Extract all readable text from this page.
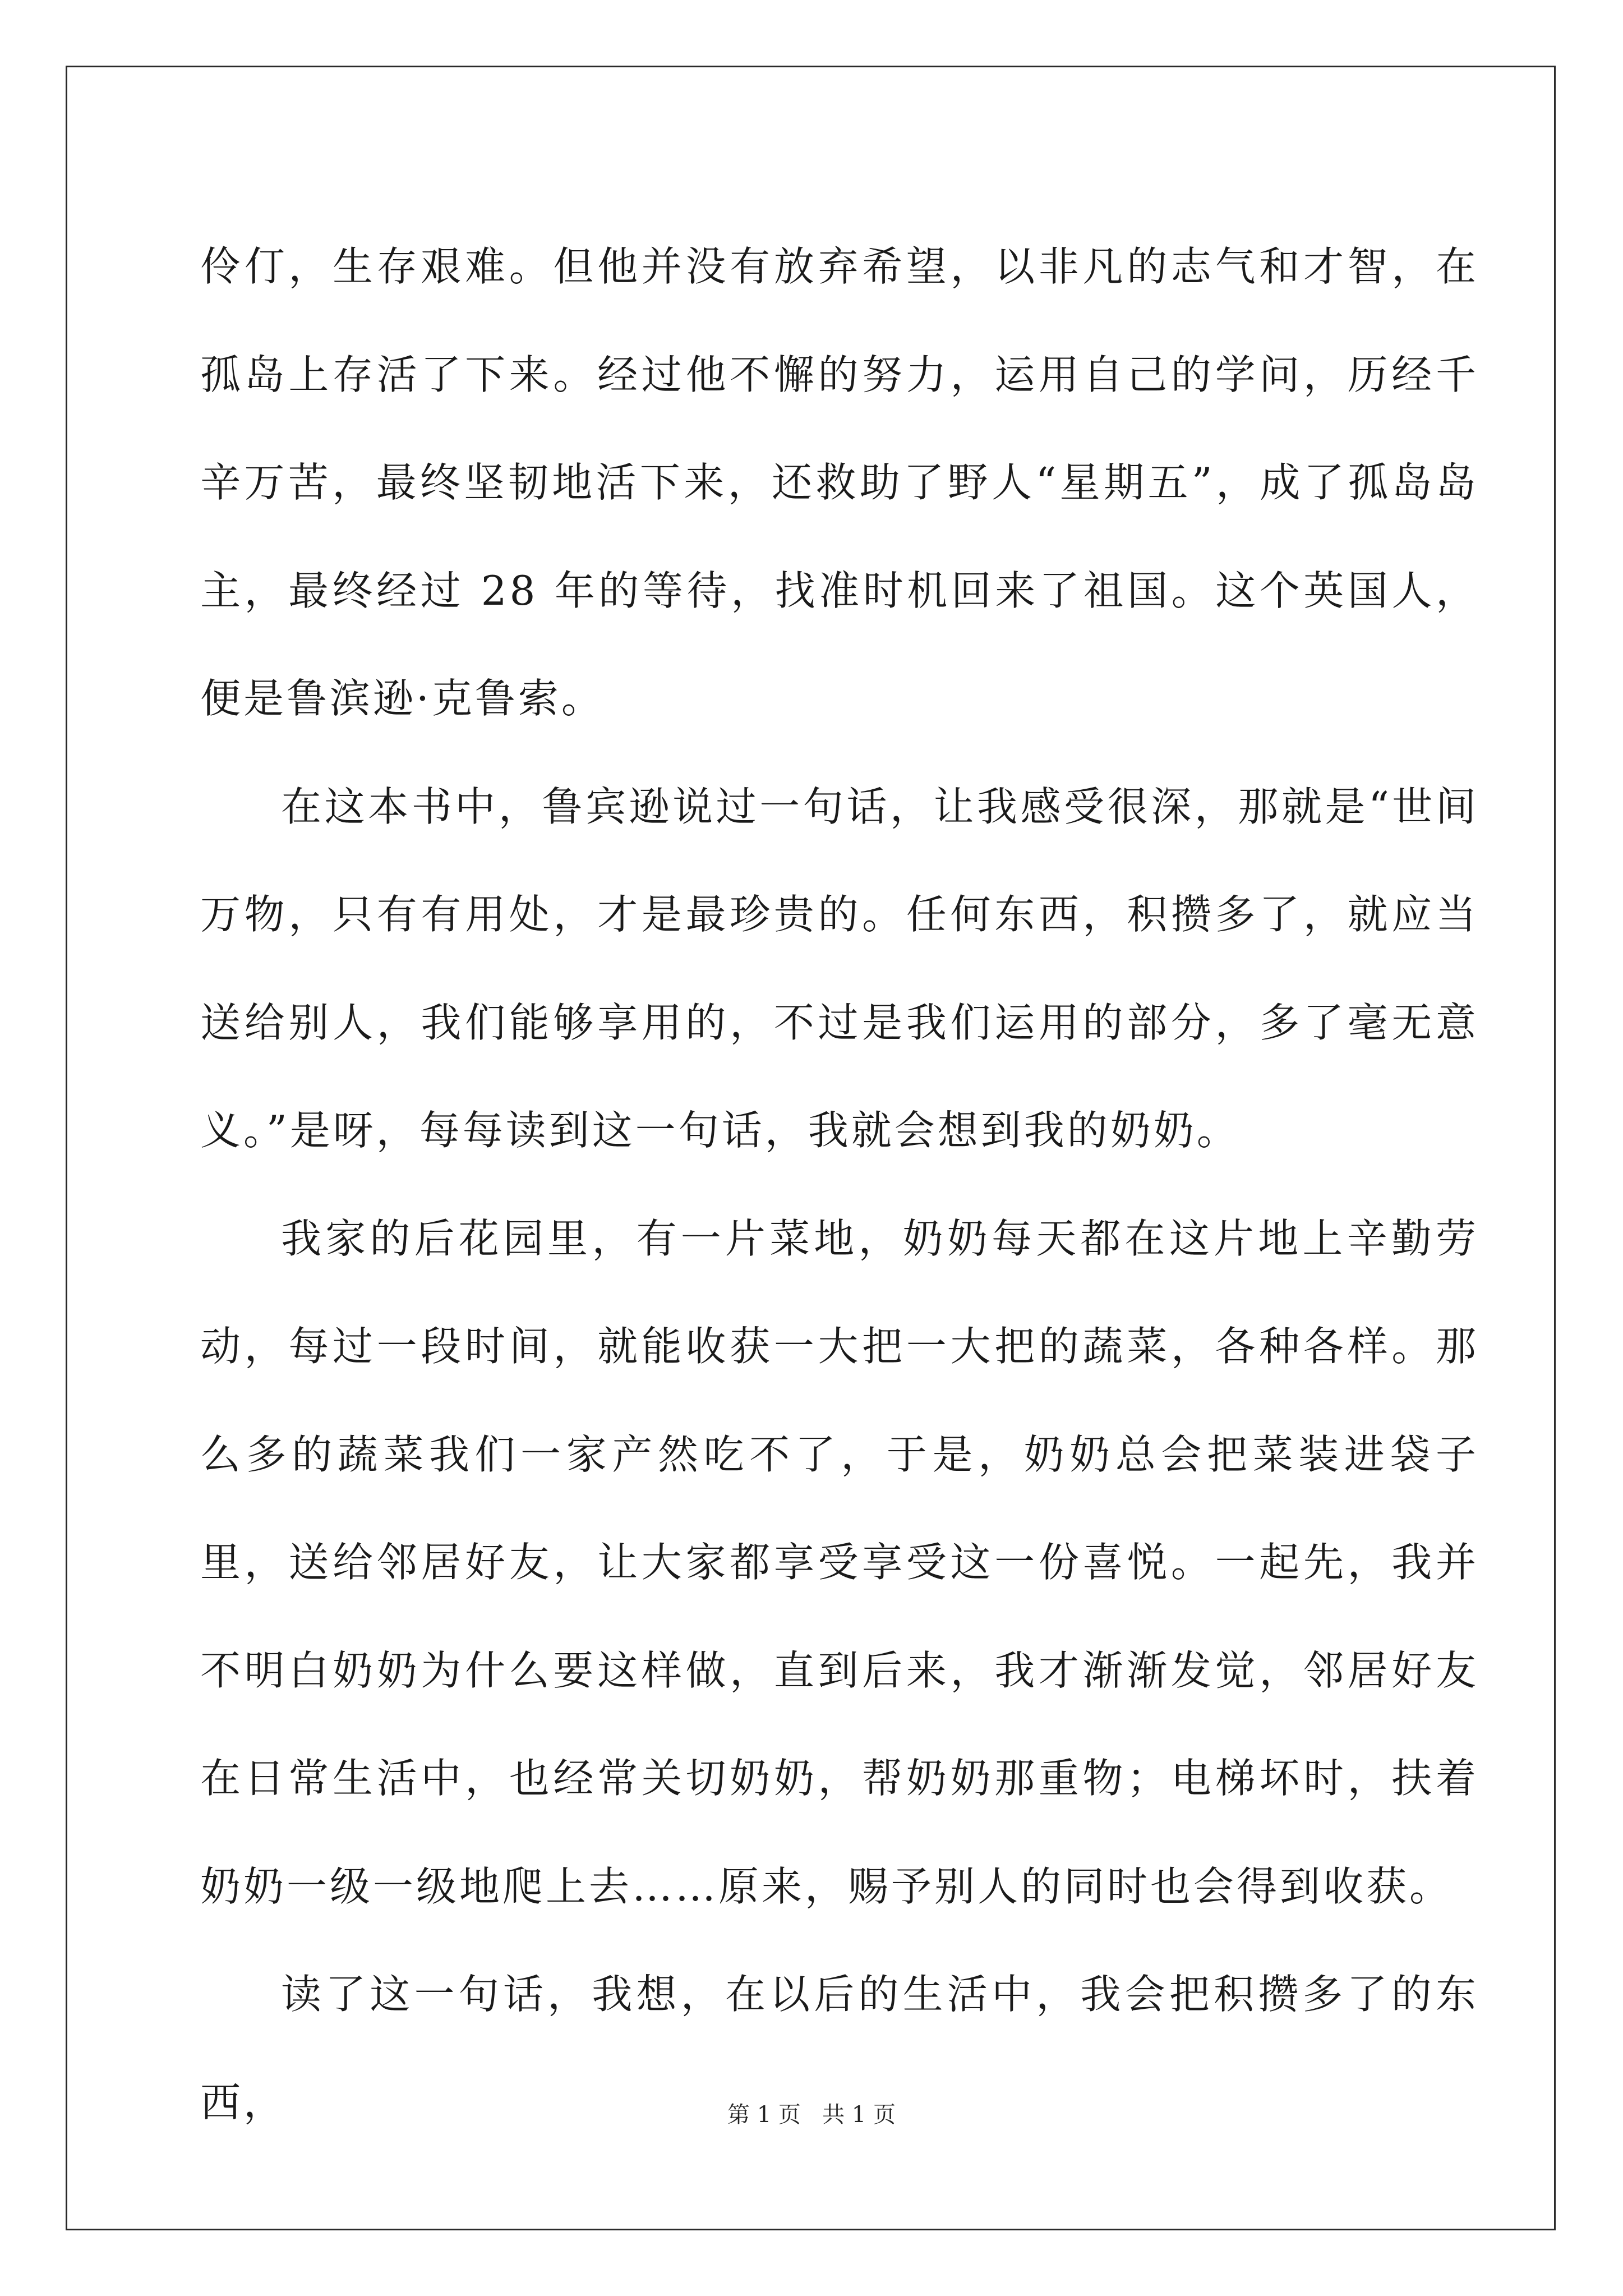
伶仃，生存艰难。但他并没有放弃希望，以非凡的志气和才智，在孤岛上存活了下来。经过他不懈的努力，运用自己的学问，历经千辛万苦，最终坚韧地活下来，还救助了野人“星期五”，成了孤岛岛主，最终经过 28 年的等待，找准时机回来了祖国。这个英国人，便是鲁滨逊·克鲁索。

在这本书中，鲁宾逊说过一句话，让我感受很深，那就是“世间万物，只有有用处，才是最珍贵的。任何东西，积攒多了，就应当送给别人，我们能够享用的，不过是我们运用的部分，多了毫无意义。”是呀，每每读到这一句话，我就会想到我的奶奶。

我家的后花园里，有一片菜地，奶奶每天都在这片地上辛勤劳动，每过一段时间，就能收获一大把一大把的蔬菜，各种各样。那么多的蔬菜我们一家产然吃不了，于是，奶奶总会把菜装进袋子里，送给邻居好友，让大家都享受享受这一份喜悦。一起先，我并不明白奶奶为什么要这样做，直到后来，我才渐渐发觉，邻居好友在日常生活中，也经常关切奶奶，帮奶奶那重物；电梯坏时，扶着奶奶一级一级地爬上去……原来，赐予别人的同时也会得到收获。

读了这一句话，我想，在以后的生活中，我会把积攒多了的东西，	第 1 页 共 1 页
